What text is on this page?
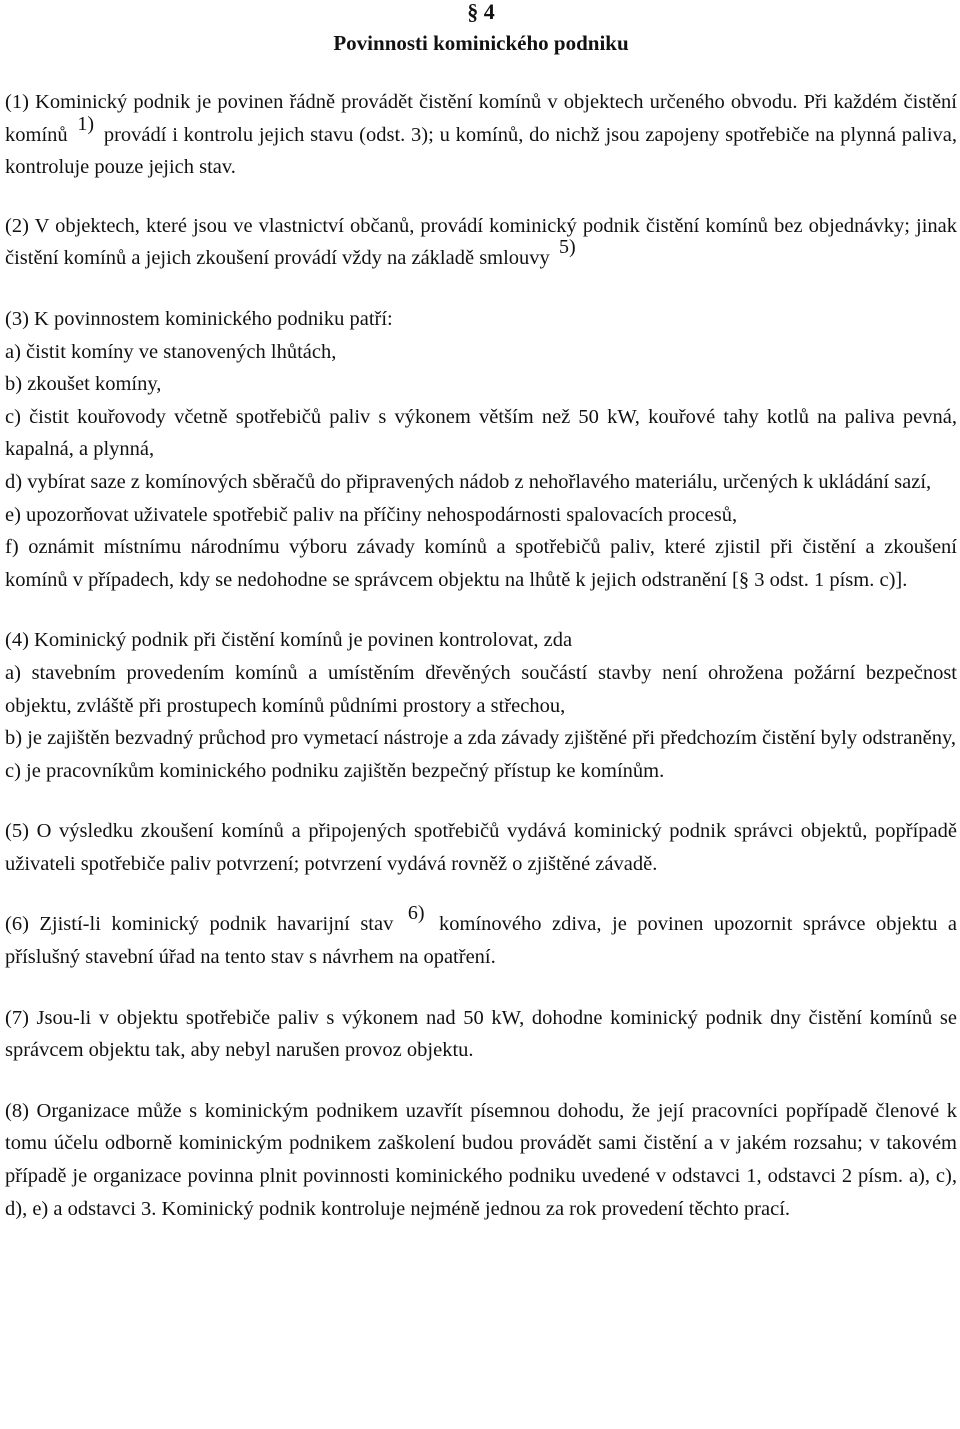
§ 4
Povinnosti kominického podniku

(1) Kominický podnik je povinen řádně provádět čistění komínů v objektech určeného obvodu. Při každém čistění komínů $^{1)}$ provádí i kontrolu jejich stavu (odst. 3); u komínů, do nichž jsou zapojeny spotřebiče na plynná paliva, kontroluje pouze jejich stav.

(2) V objektech, které jsou ve vlastnictví občanů, provádí kominický podnik čistění komínů bez objednávky; jinak čistění komínů a jejich zkoušení provádí vždy na základě smlouvy $^{5)}$

(3) K povinnostem kominického podniku patří:

a) čistit komíny ve stanovených lhůtách,

b) zkoušet komíny,

c) čistit kouřovody včetně spotřebičů paliv s výkonem větším než 50 kW, kouřové tahy kotlů na paliva pevná, kapalná, a plynná,

d) vybírat saze z komínových sběračů do připravených nádob z nehořlavého materiálu, určených k ukládání sazí,

e) upozorňovat uživatele spotřebič paliv na příčiny nehospodárnosti spalovacích procesů,

f) oznámit místnímu národnímu výboru závady komínů a spotřebičů paliv, které zjistil při čistění a zkoušení komínů v případech, kdy se nedohodne se správcem objektu na lhůtě k jejich odstranění [§ 3 odst. 1 písm. c)].

(4) Kominický podnik při čistění komínů je povinen kontrolovat, zda

a) stavebním provedením komínů a umístěním dřevěných součástí stavby není ohrožena požární bezpečnost objektu, zvláště při prostupech komínů půdními prostory a střechou,

b) je zajištěn bezvadný průchod pro vymetací nástroje a zda závady zjištěné při předchozím čistění byly odstraněny,

c) je pracovníkům kominického podniku zajištěn bezpečný přístup ke komínům.

(5) O výsledku zkoušení komínů a připojených spotřebičů vydává kominický podnik správci objektů, popřípadě uživateli spotřebiče paliv potvrzení; potvrzení vydává rovněž o zjištěné závadě.

(6) Zjistí-li kominický podnik havarijní stav $^{6)}$ komínového zdiva, je povinen upozornit správce objektu a příslušný stavební úřad na tento stav s návrhem na opatření.

(7) Jsou-li v objektu spotřebiče paliv s výkonem nad 50 kW, dohodne kominický podnik dny čistění komínů se správcem objektu tak, aby nebyl narušen provoz objektu.

(8) Organizace může s kominickým podnikem uzavřít písemnou dohodu, že její pracovníci popřípadě členové k tomu účelu odborně kominickým podnikem zaškolení budou provádět sami čistění a v jakém rozsahu; v takovém případě je organizace povinna plnit povinnosti kominického podniku uvedené v odstavci 1, odstavci 2 písm. a), c), d), e) a odstavci 3. Kominický podnik kontroluje nejméně jednou za rok provedení těchto prací.
